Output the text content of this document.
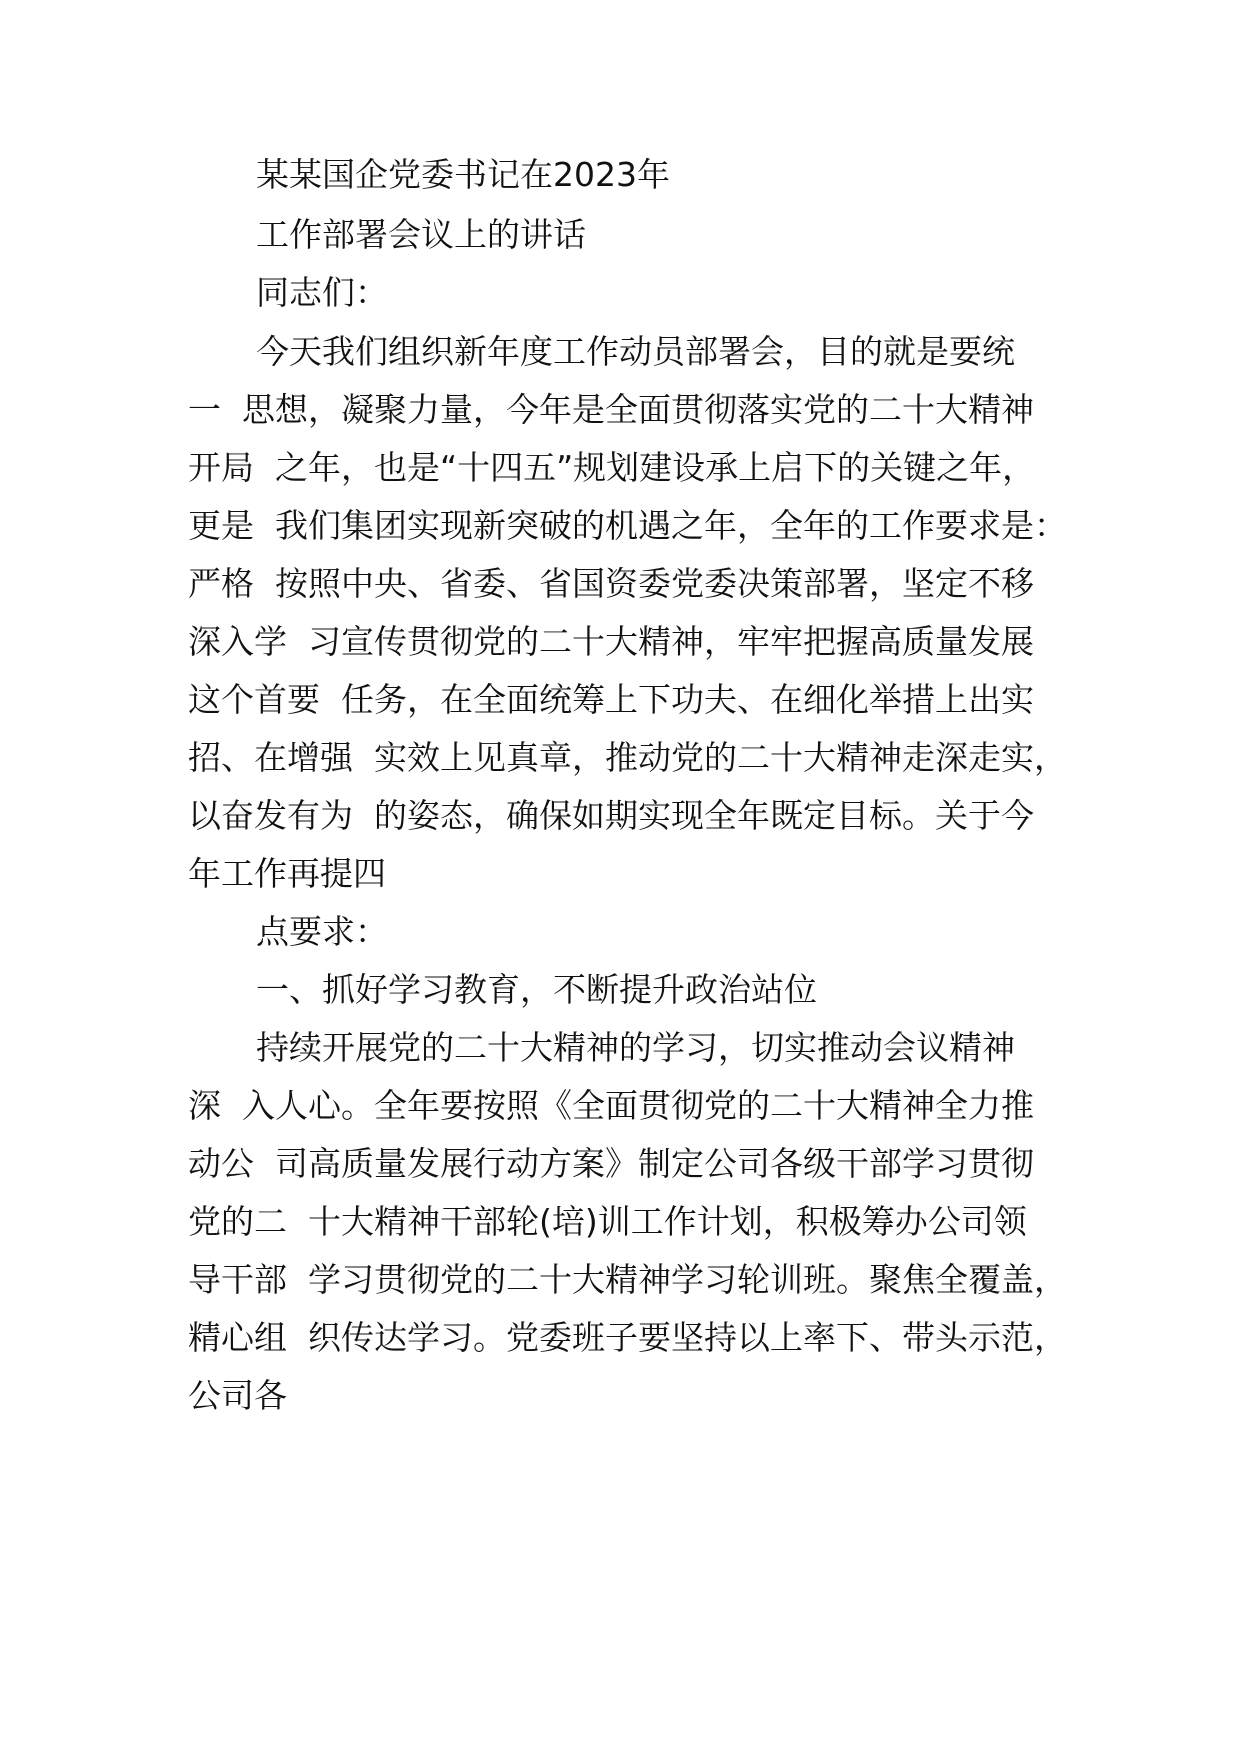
某某国企党委书记在2023年

工作部署会议上的讲话

同志们：

今天我们组织新年度工作动员部署会，目的就是要统

一  思想，凝聚力量，今年是全面贯彻落实党的二十大精神

开局  之年，也是“十四五”规划建设承上启下的关键之年，

更是  我们集团实现新突破的机遇之年，全年的工作要求是：

严格  按照中央、省委、省国资委党委决策部署，坚定不移

深入学  习宣传贯彻党的二十大精神，牢牢把握高质量发展

这个首要  任务，在全面统筹上下功夫、在细化举措上出实

招、在增强  实效上见真章，推动党的二十大精神走深走实，

以奋发有为  的姿态，确保如期实现全年既定目标。关于今

年工作再提四

点要求：

一、抓好学习教育，不断提升政治站位

持续开展党的二十大精神的学习，切实推动会议精神

深  入人心。全年要按照《全面贯彻党的二十大精神全力推

动公  司高质量发展行动方案》制定公司各级干部学习贯彻

党的二  十大精神干部轮(培)训工作计划，积极筹办公司领

导干部  学习贯彻党的二十大精神学习轮训班。聚焦全覆盖，

精心组  织传达学习。党委班子要坚持以上率下、带头示范，

公司各
